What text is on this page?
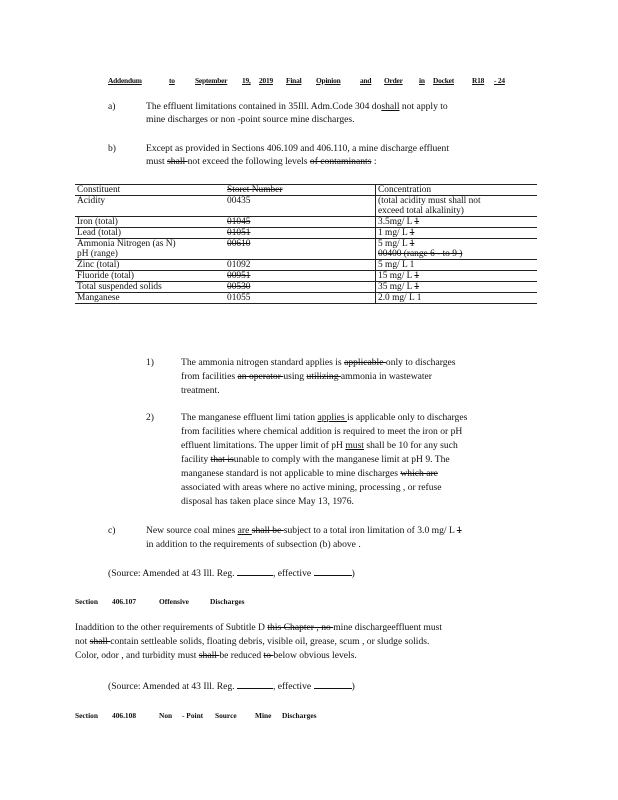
Addendum	to	September 19, 2019 Final Opinion	and Order in Docket R18 - 24
a)	The effluent limitations contained in 35Ill. Adm.Code 304 doshall not apply to
mine discharges or non -point source mine discharges.
b)	Except as provided in Sections 406.109 and 406.110, a mine discharge effluent
must shall not exceed the following levels of contaminants :
Constituent	Storet Number	Concentration
Acidity	00435	(total acidity must shall not
exceed total alkalinity)
Iron (total)	01045	3.5mg/ L 1
Lead (total)	01051	1 mg/ L 1
Ammonia Nitrogen (as N)	00610	5 mg/ L 1
pH (range)		00400 (range 6 - to 9 )
Zinc (total)	01092	5 mg/ L 1
Fluoride (total)	00951	15 mg/ L 1
Total suspended solids	00530	35 mg/ L 1
Manganese	01055	2.0 mg/ L 1
1)	The ammonia nitrogen standard applies is applicable only to discharges
from facilities an operator using utilizing ammonia in wastewater
treatment.
2)	The manganese effluent limi tation applies is applicable only to discharges
from facilities where chemical addition is required to meet the iron or pH
effluent limitations. The upper limit of pH must shall be 10 for any such
facility that isunable to comply with the manganese limit at pH 9. The
manganese standard is not applicable to mine discharges which are
associated with areas where no active mining, processing , or refuse
disposal has taken place since May 13, 1976.
c)	New source coal mines are shall be subject to a total iron limitation of 3.0 mg/ L 1
in addition to the requirements of subsection (b) above .
(Source: Amended at 43 Ill. Reg.	, effective	)
Section 406.107	Offensive	Discharges
Inaddition to the other requirements of Subtitle D this Chapter , no mine dischargeeffluent must
not shall contain settleable solids, floating debris, visible oil, grease, scum , or sludge solids.
Color, odor , and turbidity must shall be reduced to below obvious levels.
(Source: Amended at 43 Ill. Reg.	, effective	)
Section 406.108	Non - Point Source Mine Discharges
